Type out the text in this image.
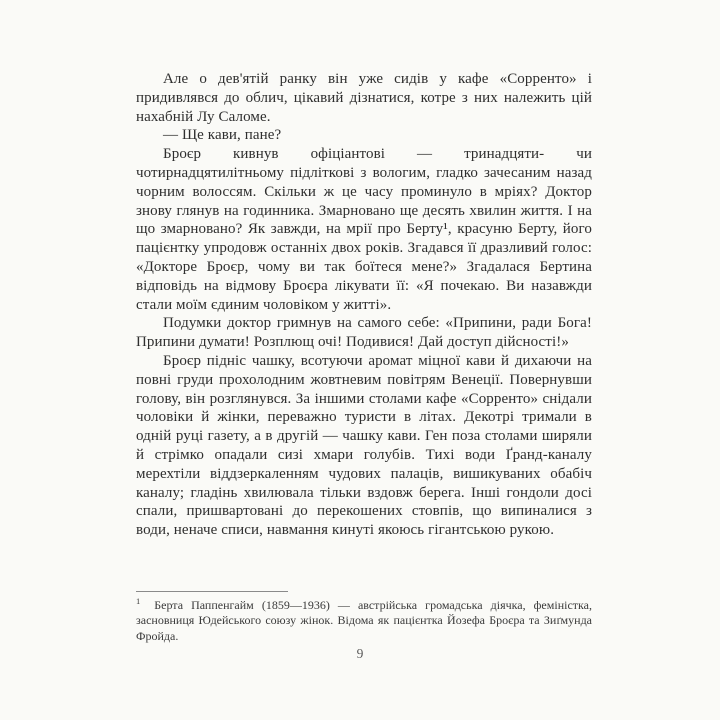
Але о дев'ятій ранку він уже сидів у кафе «Сорренто» і придивлявся до облич, цікавий дізнатися, котре з них належить цій нахабній Лу Саломе.

— Ще кави, пане?

Броєр кивнув офіціантові — тринадцяти- чи чотирнадцятилітньому підліткові з вологим, гладко зачесаним назад чорним волоссям. Скільки ж це часу проминуло в мріях? Доктор знову глянув на годинника. Змарновано ще десять хвилин життя. І на що змарновано? Як завжди, на мрії про Берту¹, красуню Берту, його пацієнтку упродовж останніх двох років. Згадався її дразливий голос: «Докторе Броєр, чому ви так боїтеся мене?» Згадалася Бертина відповідь на відмову Броєра лікувати її: «Я почекаю. Ви назавжди стали моїм єдиним чоловіком у житті».

Подумки доктор гримнув на самого себе: «Припини, ради Бога! Припини думати! Розплющ очі! Подивися! Дай доступ дійсності!»

Броєр підніс чашку, всотуючи аромат міцної кави й дихаючи на повні груди прохолодним жовтневим повітрям Венеції. Повернувши голову, він розглянувся. За іншими столами кафе «Сорренто» снідали чоловіки й жінки, переважно туристи в літах. Декотрі тримали в одній руці газету, а в другій — чашку кави. Ген поза столами ширяли й стрімко опадали сизі хмари голубів. Тихі води Ґранд-каналу мерехтіли віддзеркаленням чудових палаців, вишикуваних обабіч каналу; гладінь хвилювала тільки вздовж берега. Інші гондоли досі спали, пришвартовані до перекошених стовпів, що випиналися з води, неначе списи, навмання кинуті якоюсь гігантською рукою.

$^1$ Берта Паппенгайм (1859—1936) — австрійська громадська діячка, феміністка, засновниця Юдейського союзу жінок. Відома як пацієнтка Йозефа Броєра та Зиґмунда Фройда.
9
